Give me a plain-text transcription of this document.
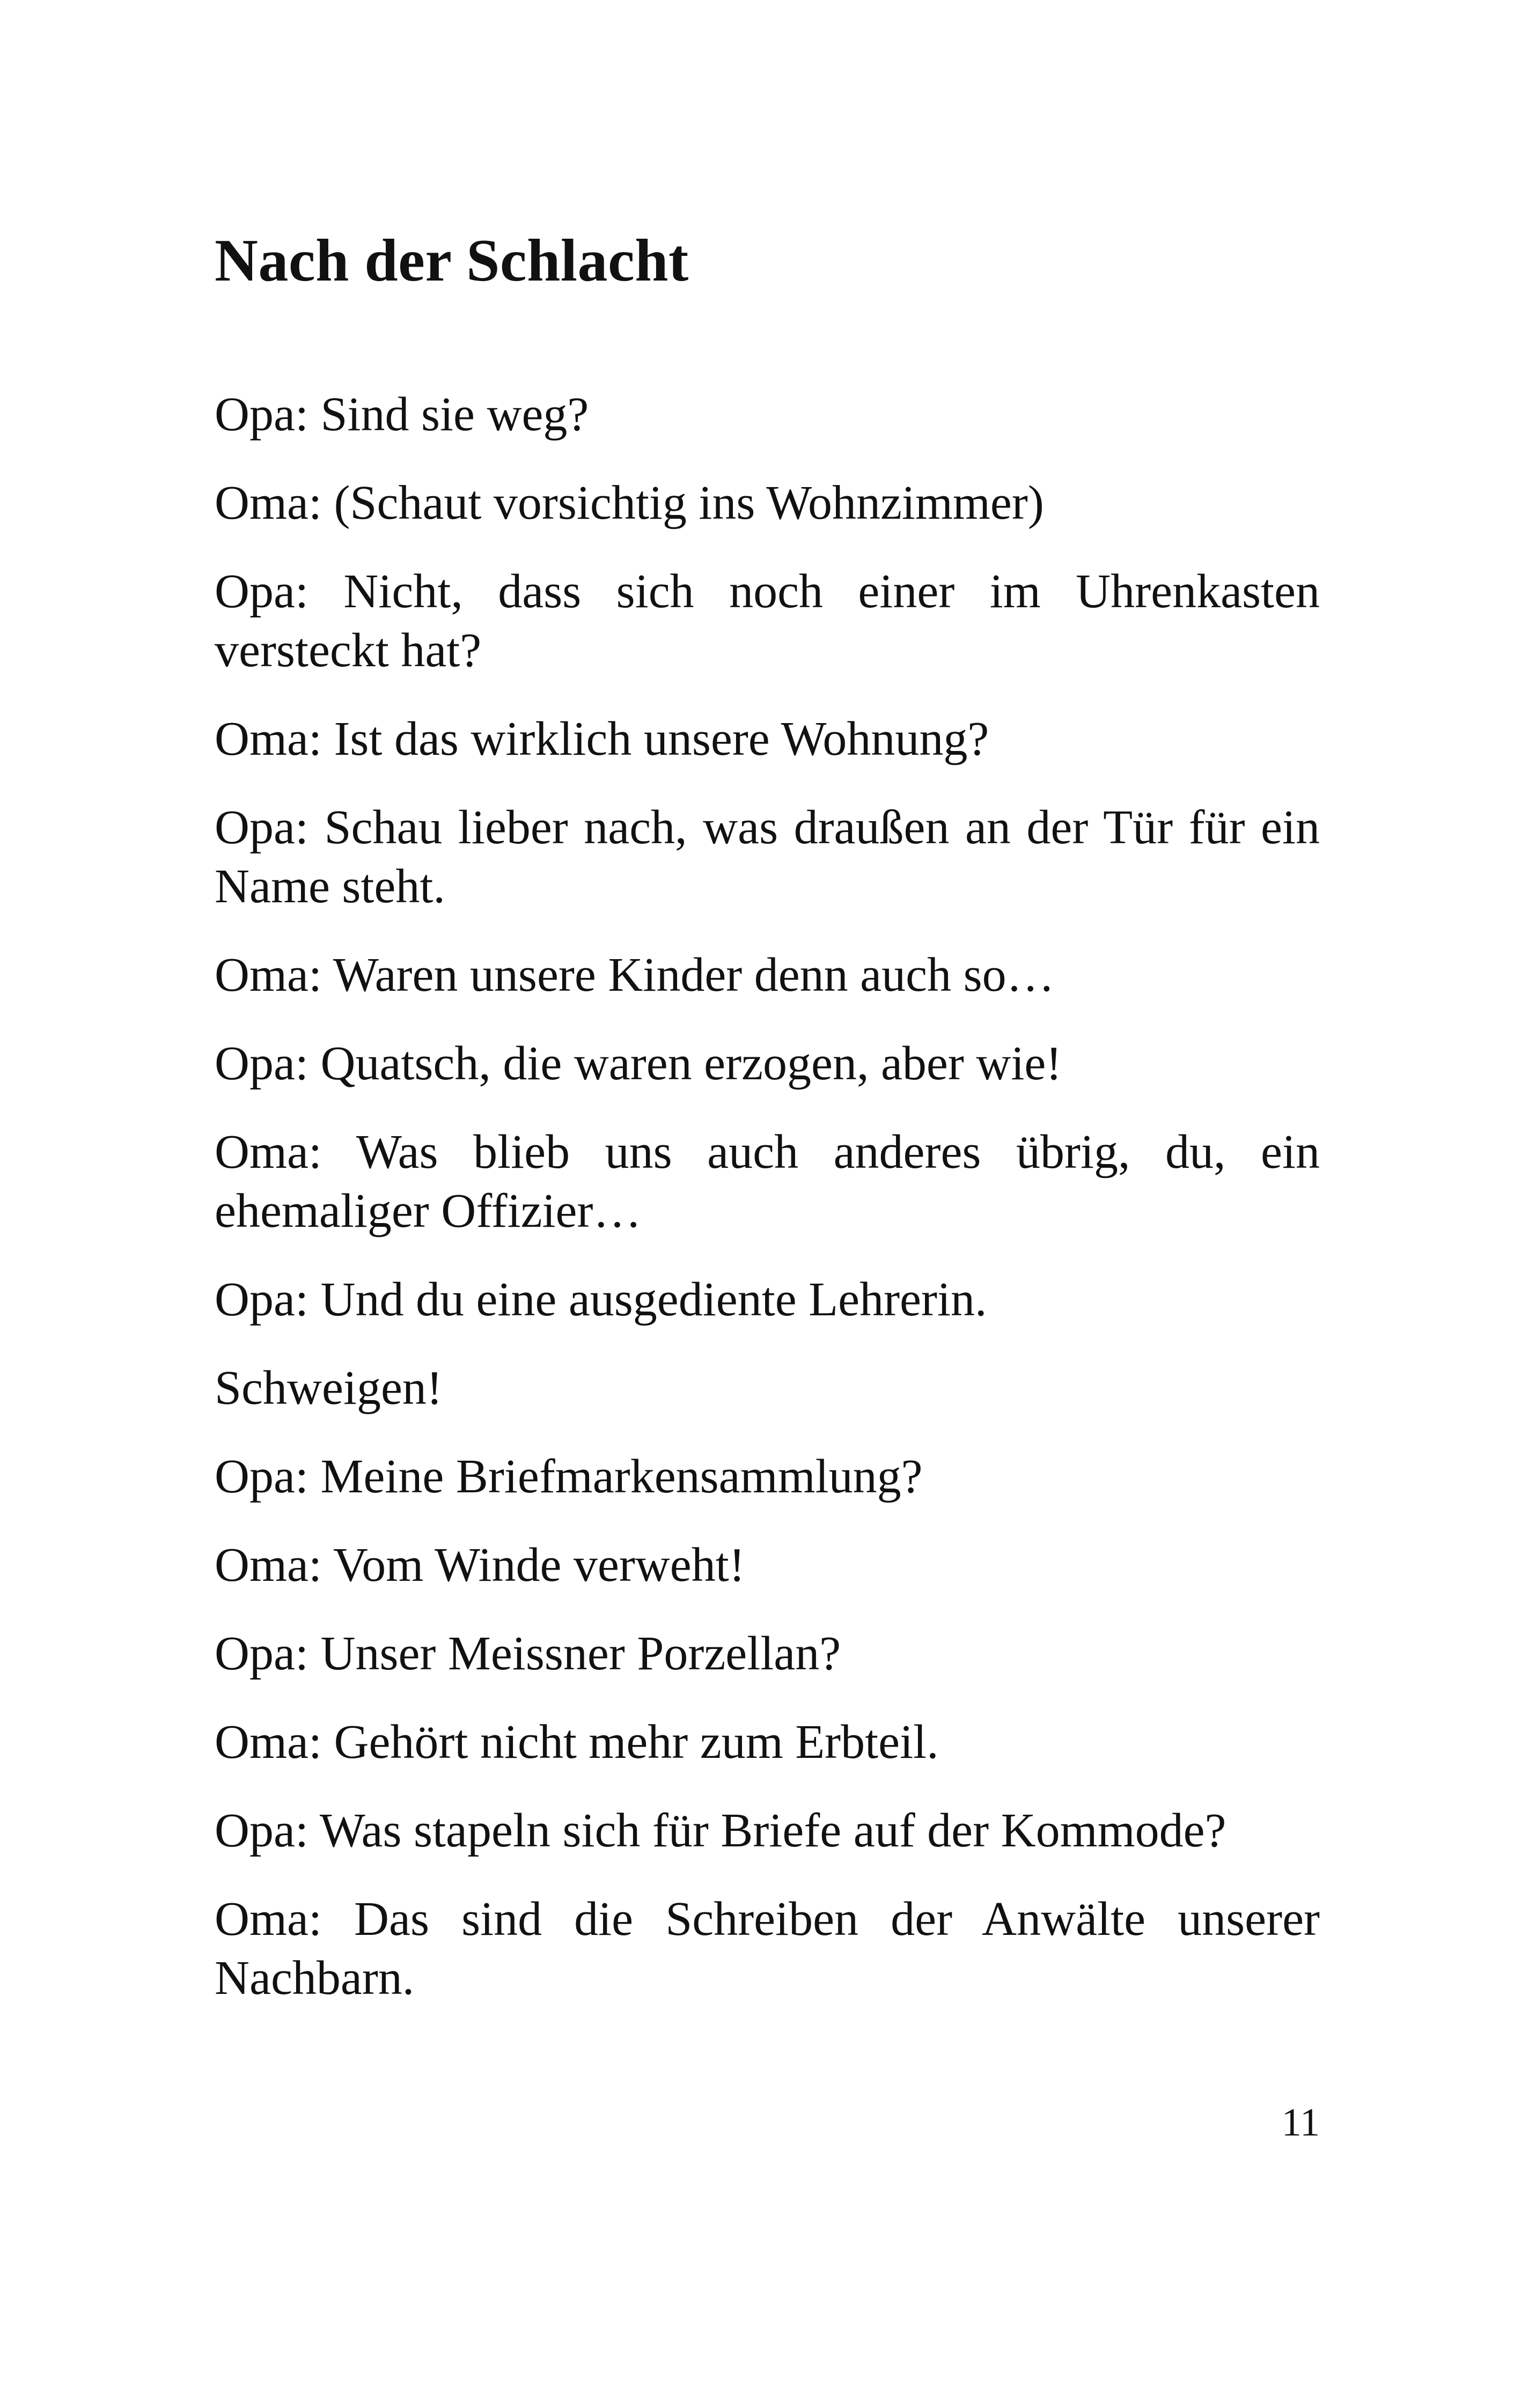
Nach der Schlacht
Opa: Sind sie weg?
Oma: (Schaut vorsichtig ins Wohnzimmer)
Opa: Nicht, dass sich noch einer im Uhrenkasten versteckt hat?
Oma: Ist das wirklich unsere Wohnung?
Opa: Schau lieber nach, was draußen an der Tür für ein Name steht.
Oma: Waren unsere Kinder denn auch so…
Opa: Quatsch, die waren erzogen, aber wie!
Oma: Was blieb uns auch anderes übrig, du, ein ehemaliger Offizier…
Opa: Und du eine ausgediente Lehrerin.
Schweigen!
Opa: Meine Briefmarkensammlung?
Oma: Vom Winde verweht!
Opa: Unser Meissner Porzellan?
Oma: Gehört nicht mehr zum Erbteil.
Opa: Was stapeln sich für Briefe auf der Kommode?
Oma: Das sind die Schreiben der Anwälte unserer Nachbarn.
11
